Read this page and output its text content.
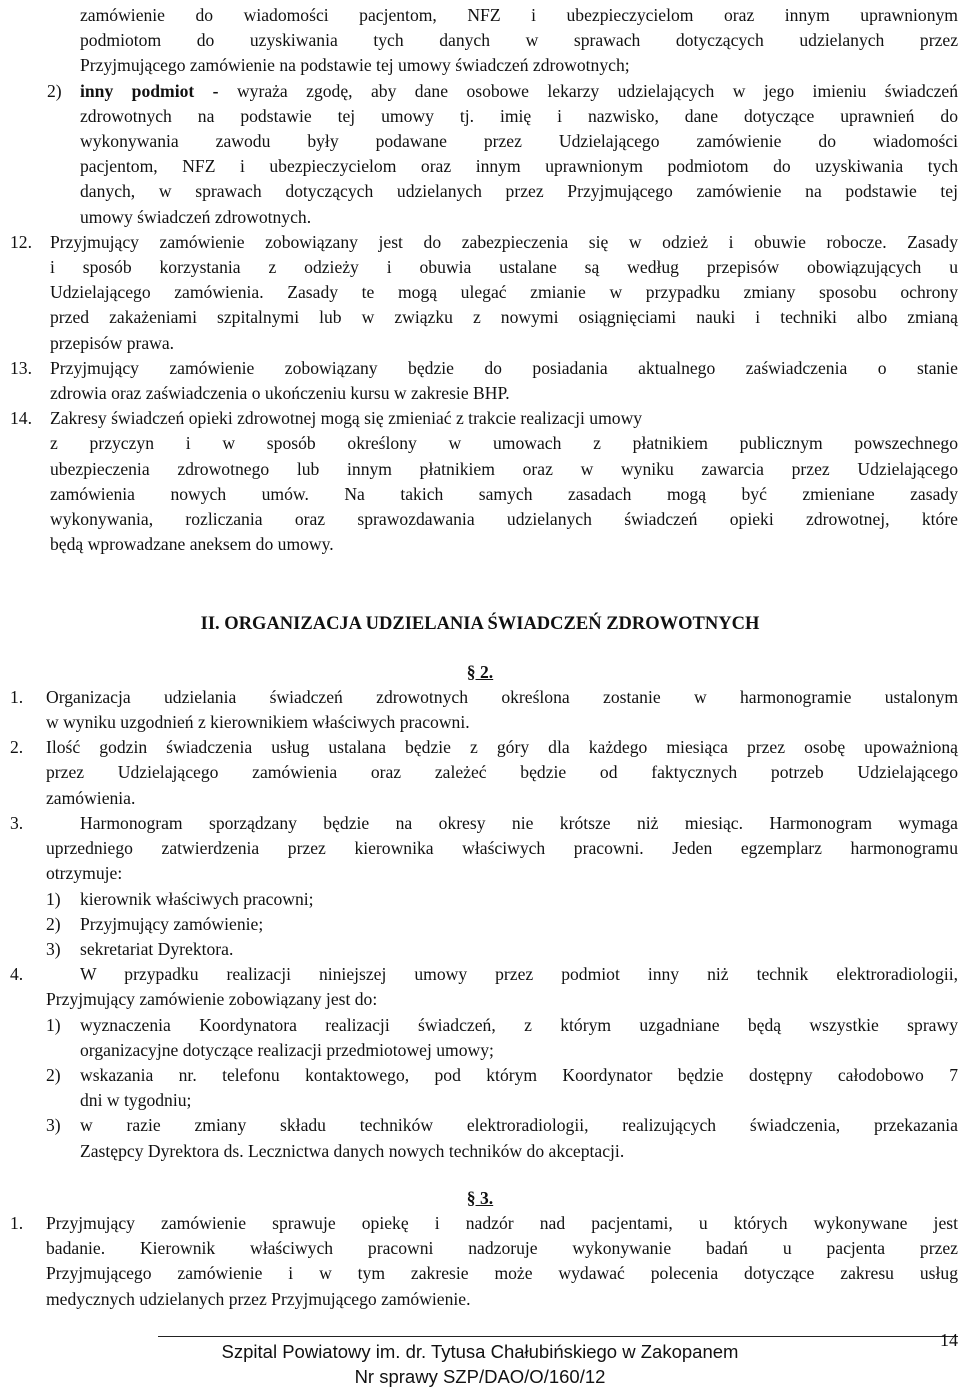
zamówienie do wiadomości pacjentom, NFZ i ubezpieczycielom oraz innym uprawnionym

podmiotom do uzyskiwania tych danych w sprawach dotyczących udzielanych przez

Przyjmującego zamówienie na podstawie tej umowy świadczeń zdrowotnych;

2) inny podmiot - wyraża zgodę, aby dane osobowe lekarzy udzielających w jego imieniu świadczeń

zdrowotnych na podstawie tej umowy tj. imię i nazwisko, dane dotyczące uprawnień do

wykonywania zawodu były podawane przez Udzielającego zamówienie do wiadomości

pacjentom, NFZ i ubezpieczycielom oraz innym uprawnionym podmiotom do uzyskiwania tych

danych, w sprawach dotyczących udzielanych przez Przyjmującego zamówienie na podstawie tej

umowy świadczeń zdrowotnych.

12. Przyjmujący zamówienie zobowiązany jest do zabezpieczenia się w odzież i obuwie robocze. Zasady

i sposób korzystania z odzieży i obuwia ustalane są według przepisów obowiązujących u

Udzielającego zamówienia. Zasady te mogą ulegać zmianie w przypadku zmiany sposobu ochrony

przed zakażeniami szpitalnymi lub w związku z nowymi osiągnięciami nauki i techniki albo zmianą

przepisów prawa.

13. Przyjmujący zamówienie zobowiązany będzie do posiadania aktualnego zaświadczenia o stanie

zdrowia oraz zaświadczenia o ukończeniu kursu w zakresie BHP.

14. Zakresy świadczeń opieki zdrowotnej mogą się zmieniać z trakcie realizacji umowy

z przyczyn i w sposób określony w umowach z płatnikiem publicznym powszechnego

ubezpieczenia zdrowotnego lub innym płatnikiem oraz w wyniku zawarcia przez Udzielającego

zamówienia nowych umów. Na takich samych zasadach mogą być zmieniane zasady

wykonywania, rozliczania oraz sprawozdawania udzielanych świadczeń opieki zdrowotnej, które

będą wprowadzane aneksem do umowy.

II. ORGANIZACJA UDZIELANIA ŚWIADCZEŃ ZDROWOTNYCH

§ 2.

1. Organizacja udzielania świadczeń zdrowotnych określona zostanie w harmonogramie ustalonym

w wyniku uzgodnień z kierownikiem właściwych pracowni.

2. Ilość godzin świadczenia usług ustalana będzie z góry dla każdego miesiąca przez osobę upoważnioną

przez Udzielającego zamówienia oraz zależeć będzie od faktycznych potrzeb Udzielającego

zamówienia.

3.	Harmonogram sporządzany będzie na okresy nie krótsze niż miesiąc. Harmonogram wymaga

uprzedniego zatwierdzenia przez kierownika właściwych pracowni. Jeden egzemplarz harmonogramu

otrzymuje:

1) kierownik właściwych pracowni;

2) Przyjmujący zamówienie;

3) sekretariat Dyrektora.

4.	W przypadku realizacji niniejszej umowy przez podmiot inny niż technik elektroradiologii,

Przyjmujący zamówienie zobowiązany jest do:

1) wyznaczenia Koordynatora realizacji świadczeń, z którym uzgadniane będą wszystkie sprawy

organizacyjne dotyczące realizacji przedmiotowej umowy;

2) wskazania nr. telefonu kontaktowego, pod którym Koordynator będzie dostępny całodobowo 7

dni w tygodniu;

3) w razie zmiany składu techników elektroradiologii, realizujących świadczenia, przekazania

Zastępcy Dyrektora ds. Lecznictwa danych nowych techników do akceptacji.

§ 3.

1. Przyjmujący zamówienie sprawuje opiekę i nadzór nad pacjentami, u których wykonywane jest

badanie. Kierownik właściwych pracowni nadzoruje wykonywanie badań u pacjenta przez

Przyjmującego zamówienie i w tym zakresie może wydawać polecenia dotyczące zakresu usług

medycznych udzielanych przez Przyjmującego zamówienie.

Szpital Powiatowy im. dr. Tytusa Chałubińskiego w Zakopanem
Nr sprawy SZP/DAO/O/160/12
14
